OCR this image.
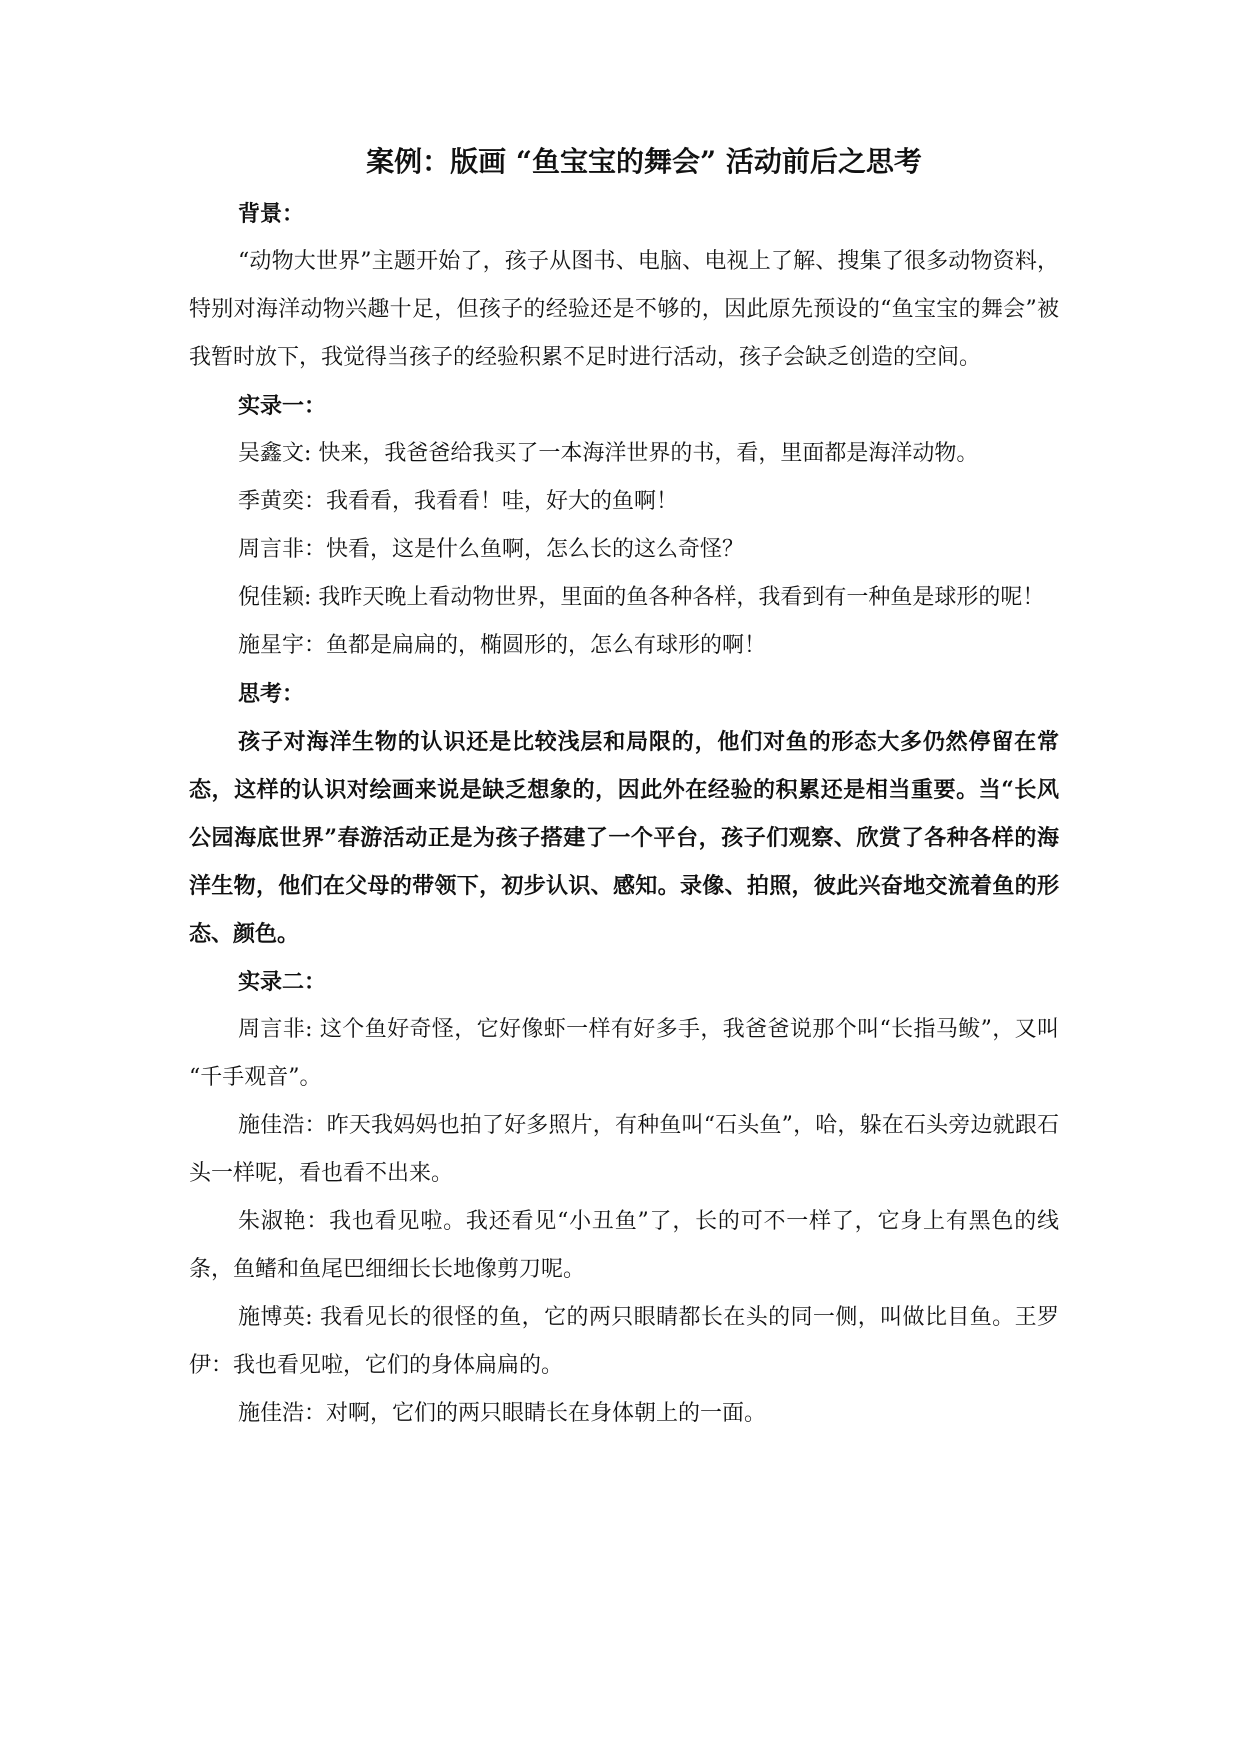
案例：版画 “鱼宝宝的舞会” 活动前后之思考

背景：

“动物大世界”主题开始了，孩子从图书、电脑、电视上了解、搜集了很多动物资料，特别对海洋动物兴趣十足，但孩子的经验还是不够的，因此原先预设的“鱼宝宝的舞会”被我暂时放下，我觉得当孩子的经验积累不足时进行活动，孩子会缺乏创造的空间。

实录一：

吴鑫文: 快来，我爸爸给我买了一本海洋世界的书，看，里面都是海洋动物。

季黄奕：我看看，我看看！哇，好大的鱼啊！

周言非：快看，这是什么鱼啊，怎么长的这么奇怪？

倪佳颖: 我昨天晚上看动物世界，里面的鱼各种各样，我看到有一种鱼是球形的呢！

施星宇：鱼都是扁扁的，椭圆形的，怎么有球形的啊！

思考：

孩子对海洋生物的认识还是比较浅层和局限的，他们对鱼的形态大多仍然停留在常态，这样的认识对绘画来说是缺乏想象的，因此外在经验的积累还是相当重要。当“长风公园海底世界”春游活动正是为孩子搭建了一个平台，孩子们观察、欣赏了各种各样的海洋生物，他们在父母的带领下，初步认识、感知。录像、拍照，彼此兴奋地交流着鱼的形态、颜色。

实录二：

周言非: 这个鱼好奇怪，它好像虾一样有好多手，我爸爸说那个叫“长指马鲅”，又叫 “千手观音”。

施佳浩：昨天我妈妈也拍了好多照片，有种鱼叫“石头鱼”，哈，躲在石头旁边就跟石头一样呢，看也看不出来。

朱淑艳：我也看见啦。我还看见“小丑鱼”了，长的可不一样了，它身上有黑色的线条，鱼鳍和鱼尾巴细细长长地像剪刀呢。

施博英: 我看见长的很怪的鱼，它的两只眼睛都长在头的同一侧，叫做比目鱼。王罗伊：我也看见啦，它们的身体扁扁的。

施佳浩：对啊，它们的两只眼睛长在身体朝上的一面。
